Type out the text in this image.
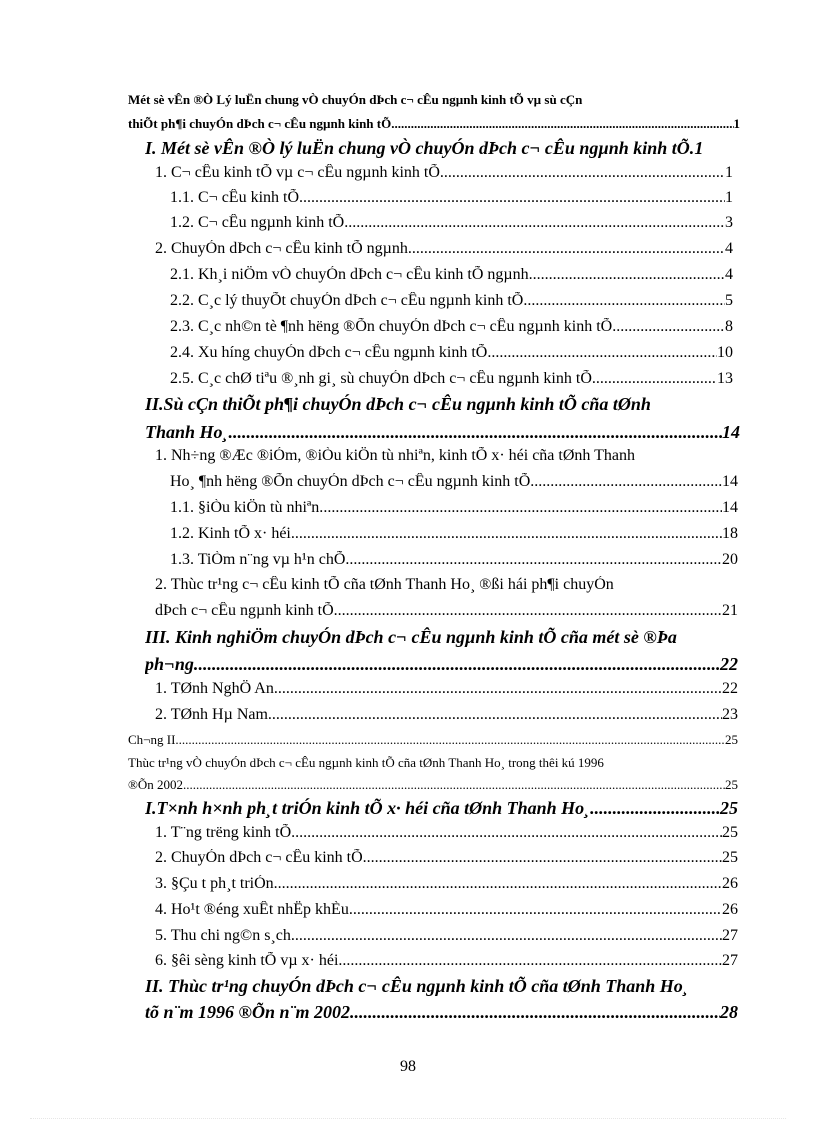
Mét sè vÊn ®Ò Lý luËn chung vÒ chuyÓn dÞch c¬ cÊu ngµnh kinh tÕ vµ sù cÇn
thiÕt ph¶i chuyÓn dÞch c¬ cÊu ngµnh kinh tÕ .....	1
I. Mét sè vÊn ®Ò lý luËn chung vÒ chuyÓn dÞch c¬ cÊu ngµnh kinh tÕ. 1
1. C¬ cÊu kinh tÕ vµ c¬ cÊu ngµnh kinh tÕ. .....	1
1.1. C¬ cÊu kinh tÕ. .....	1
1.2. C¬ cÊu ngµnh kinh tÕ .....	3
2. ChuyÓn dÞch c¬ cÊu kinh tÕ ngµnh. .....	4
2.1. Kh¸i niÖm vÒ chuyÓn dÞch c¬ cÊu kinh tÕ ngµnh. .....	4
2.2. C¸c lý thuyÕt chuyÓn dÞch c¬ cÊu ngµnh kinh tÕ. .....	5
2.3. C¸c nh©n tè ¶nh hëng ®Õn chuyÓn dÞch c¬ cÊu ngµnh kinh tÕ. .....	8
2.4. Xu híng chuyÓn dÞch c¬ cÊu ngµnh kinh tÕ .....	10
2.5. C¸c chØ tiªu ®¸nh gi¸ sù chuyÓn dÞch c¬ cÊu ngµnh kinh tÕ. .....	13
II.Sù cÇn thiÕt ph¶i chuyÓn dÞch c¬ cÊu ngµnh kinh tÕ cña tØnh
Thanh Ho¸. .....	14
1. Nh÷ng ®Æc ®iÓm, ®iÒu kiÖn tù nhiªn, kinh tÕ x· héi cña tØnh Thanh
Ho¸ ¶nh hëng ®Õn chuyÓn dÞch c¬ cÊu ngµnh kinh tÕ. .....	14
1.1. §iÒu kiÖn tù nhiªn. .....	14
1.2. Kinh tÕ x· héi .....	18
1.3. TiÒm n¨ng vµ h¹n chÕ .....	20
2. Thùc tr¹ng c¬ cÊu kinh tÕ cña tØnh Thanh Ho¸ ®ßi hái ph¶i chuyÓn
dÞch c¬ cÊu ngµnh kinh tÕ. .....	21
III. Kinh nghiÖm chuyÓn dÞch c¬ cÊu ngµnh kinh tÕ cña mét sè ®Þa
ph¬ng. .....	22
1. TØnh NghÖ An. .....	22
2. TØnh Hµ Nam .....	23
Ch¬ng II. .....	25
Thùc tr¹ng vÒ chuyÓn dÞch c¬ cÊu ngµnh kinh tÕ cña tØnh Thanh Ho¸ trong thêi kú 1996
®Õn 2002 .....	25
I.T×nh h×nh ph¸t triÓn kinh tÕ x· héi cña tØnh Thanh Ho¸ .....	25
1. T¨ng trëng kinh tÕ. .....	25
2. ChuyÓn dÞch c¬ cÊu kinh tÕ. .....	25
3. §Çu t ph¸t triÓn. .....	26
4. Ho¹t ®éng xuÊt nhËp khÈu. .....	26
5. Thu chi ng©n s¸ch .....	27
6. §êi sèng kinh tÕ vµ x· héi .....	27
II. Thùc tr¹ng chuyÓn dÞch c¬ cÊu ngµnh kinh tÕ cña tØnh Thanh Ho¸
tõ n¨m 1996 ®Õn n¨m 2002. .....	28
98
